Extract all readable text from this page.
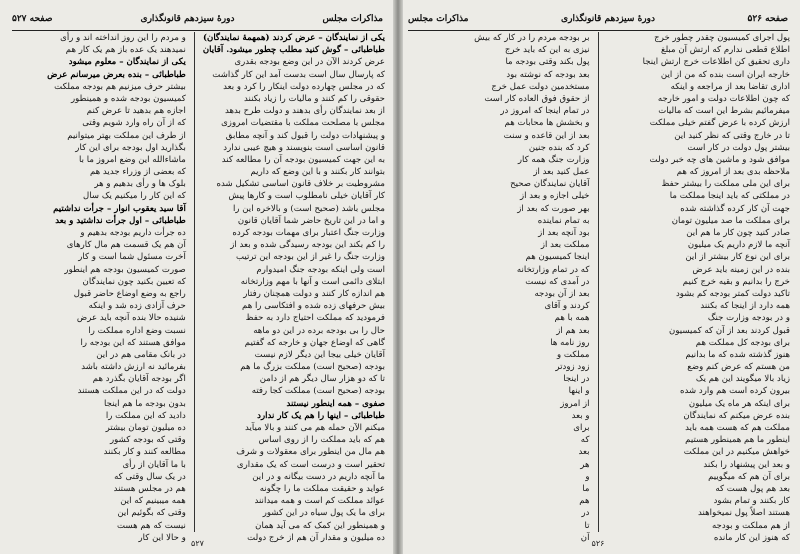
مذاکرات مجلس
دورهٔ سیزدهم قانونگذاری
صفحه ۵۲۷
یکی از نمایندگان – عرض کردند (همهمهٔ نمایندگان)
طباطبائی – گوش کنید مطلب چطور میشود. آقایان
عرض کردند الآن در این وضع بودجه بقدری
که پارسال سال است بدست آمد این کار گذاشت
که در مجلس چهارده دولت اینکار را کرد و بعد
حقوقی را کم کنند و مالیات را زیاد بکنند
از بعد نمایندگان رأی بدهند و دولت طرح بدهد
مجلس با مصلحت مملکت با مقتضیات امروزی
و پیشنهادات دولت را قبول کند و آنچه مطابق
قانون اساسی است بنویسند و هیچ عیبی ندارد
به این جهت کمیسیون بودجه آن را مطالعه کند
بتوانند کار بکنند و با این وضع که داریم
مشروطیت بر خلاف قانون اساسی تشکیل شده
کار آقایان خیلی نامطلوب است و کارها پیش
مجلس باشد (صحیح است) و بالاخره این را
و اما در این تاریخ حاضر شما آقایان قانون
وزارت جنگ اعتبار برای مهمات بودجه کرده
را کم بکند این بودجه رسیدگی شده و بعد از
وزارت جنگ را غیر از این بودجه این ترتیب
است ولی اینکه بودجه جنگ امیدوارم
ابتلای دائمی است و آنها با مهم وزارتخانه
هم اندازه کار کنند و دولت همچنان رفتار
بیش حرفهای زده شده و افتکاسی را هم
فرمودید که مملکت احتیاج دارد به حفظ
حال را بی بودجه برده در این دو ماهه
گاهی که اوضاع جهان و خارجه که گفتیم
آقایان خیلی بیجا این دیگر لازم نیست
بودجه (صحیح است) مملکت بزرگ ما هم
تا که دو هزار سال دیگر هم از دامن
بودجه (صحیح است) مملکت کجا رفته
صفوی – همه اینطور نیستند
طباطبائی – اینها را هم یک کار ندارد
میکنم الآن حمله هم می کنند و بالا میآید
هم که باید مملکت را از روی اساس
هم مال من اینطور برای معقولات و شرف
تحقیر است و درست است که یک مقداری
ما آنچه داریم در دست بیگانه و در این
عواید و حقیقت مملکت ما را چگونه
عوائد مملکت کم است و همه میدانند
برای ما یک پول سیاه در این کشور
و همینطور این کمک که می آید همان
ده میلیون و مقدار آن هم از خرج دولت
و مردم را این روز انداخته اند و رأی
نمیدهند یک عده باز هم یک کار هم
یکی از نمایندگان – معلوم میشود
طباطبائی – بنده بعرض میرسانم عرض
بیشتر حرف میزنیم هم بودجه مملکت
کمیسیون بودجه شده و همینطور
اجازه هم بدهید تا عرض کنم
که از آن راه وارد شویم وقتی
از طرف این مملکت بهتر میتوانیم
بگذارید اول بودجه برای این کار
ماشاءالله این وضع امروز ما با
که بعضی از وزراء جدید هم
بلوک ها و رأی بدهیم و هر
که این کار را میکنیم یک سال
آقا سید یعقوب انوار – جرأت نداشتیم
طباطبائی – اول جرأت نداشتید و بعد
ده جرأت داریم بودجه بدهیم و
آن هم یک قسمت هم مال کارهای
آخرت مسئول شما است و کار
صورت کمیسیون بودجه هم اینطور
که تعیین بکنید چون نمایندگان
راجع به وضع اوضاع حاضر قبول
حرف آزادی زده شد و اینکه
شنیده حالا بنده آنچه باید عرض
نسبت وضع اداره مملکت را
موافق هستند که این بودجه را
در بانک مقامی هم در این
بفرمائید نه ارزش داشته باشد
اگر بودجه آقایان بگذرد هم
دولت که در این مملکت هستند
بدون بودجه ما هم اینجا
دادید که این مملکت را
ده میلیون تومان بیشتر
وقتی که بودجه کشور
مطالعه کنند و کار بکنند
با ما آقایان از رأی
در یک سال وقتی که
هم در مجلس هستند
همه میبینیم که این
وقتی که بگوئیم این
نیست که هم هست
و حالا این کار
۵۲۷
صفحه ۵۲۶
دورهٔ سیزدهم قانونگذاری
مذاکرات مجلس
پول اجرای کمیسیون چقدر چطور خرج
اطلاع قطعی ندارم که ارتش آن مبلغ
داری تحقیق کن اطلاعات خرج ارتش اینجا
خارجه ایران است بنده که من از این
اداری تقاضا بعد از مراجعه و اینکه
که چون اطلاعات دولت و امور خارجه
میفرمائیم بشرط این است که مالیات
ارزش کرده با عرض گفتم خیلی مملکت
تا در خارج وقتی که نظر کنید این
بیشتر پول دولت در کار است
موافق شود و ماشین های چه خبر دولت
ملاحظه بدی بعد از امروز که هم
برای این ملی مملکت را بیشتر حفظ
در مملکتی که باید اینجا مملکت ما
جهت آن کار کرده گذاشته شده
برای مملکت ما صد میلیون تومان
صادر کنید چون کار ما هم این
آنچه ما لازم داریم یک میلیون
برای این نوع کار بیشتر از این
بنده در این زمینه باید عرض
خرج را بدانیم و بقیه خرج کنیم
تاکید دولت کمتر بودجه کم بشود
همه دارد از اینجا که بکنند
و در بودجه وزارت جنگ
قبول کردند بعد از آن که کمیسیون
برای بودجه کل مملکت هم
هنوز گذشته شده که ما بدانیم
من هستم که عرض کنم وضع
زیاد بالا میگویند این هم یک
بیرون کرده است هم وارد شده
برای اینکه هر ماه یک میلیون
بنده عرض میکنم که نمایندگان
مملکت هم که هست همه باید
اینطور ما هم همینطور هستیم
خواهش میکنیم در این مملکت
و بعد این پیشنهاد را بکند
برای آن هم که میگوییم
بعد هم پول هست که
کار بکنند و تمام بشود
هستند اصلاً پول نمیخواهند
از هم مملکت و بودجه
که هنوز این کار مانده
بر بودجه مردم را در کار که بیش
نیزی به این که باید خرج
پول بکند وقتی بودجه ما
بعد بودجه که نوشته بود
مستخدمین دولت عمل خرج
از حقوق فوق العاده کار است
در تمام اینجا که امروز در
و بخشش ها محابات هم
بعد از این قاعده و سنت
کرد که بنده جنین
وزارت جنگ همه کار
عمل کنید بعد از
آقایان نمایندگان صحیح
خیلی اجازه و بعد از
بهر صورت که بعد از
به تمام نماینده
بود آنچه بعد از
مملکت بعد از
اینجا کمیسیون هم
که در تمام وزارتخانه
در آمدی که نیست
بعد از آن بودجه
کردند و آقای
همه با هم
بعد هم از
روز نامه ها
مملکت و
زود زودتر
در اینجا
و اینها
از امروز
و بعد
برای
که
بعد
هر
و
ما
هم
در
تا
آن
۵۲۶
